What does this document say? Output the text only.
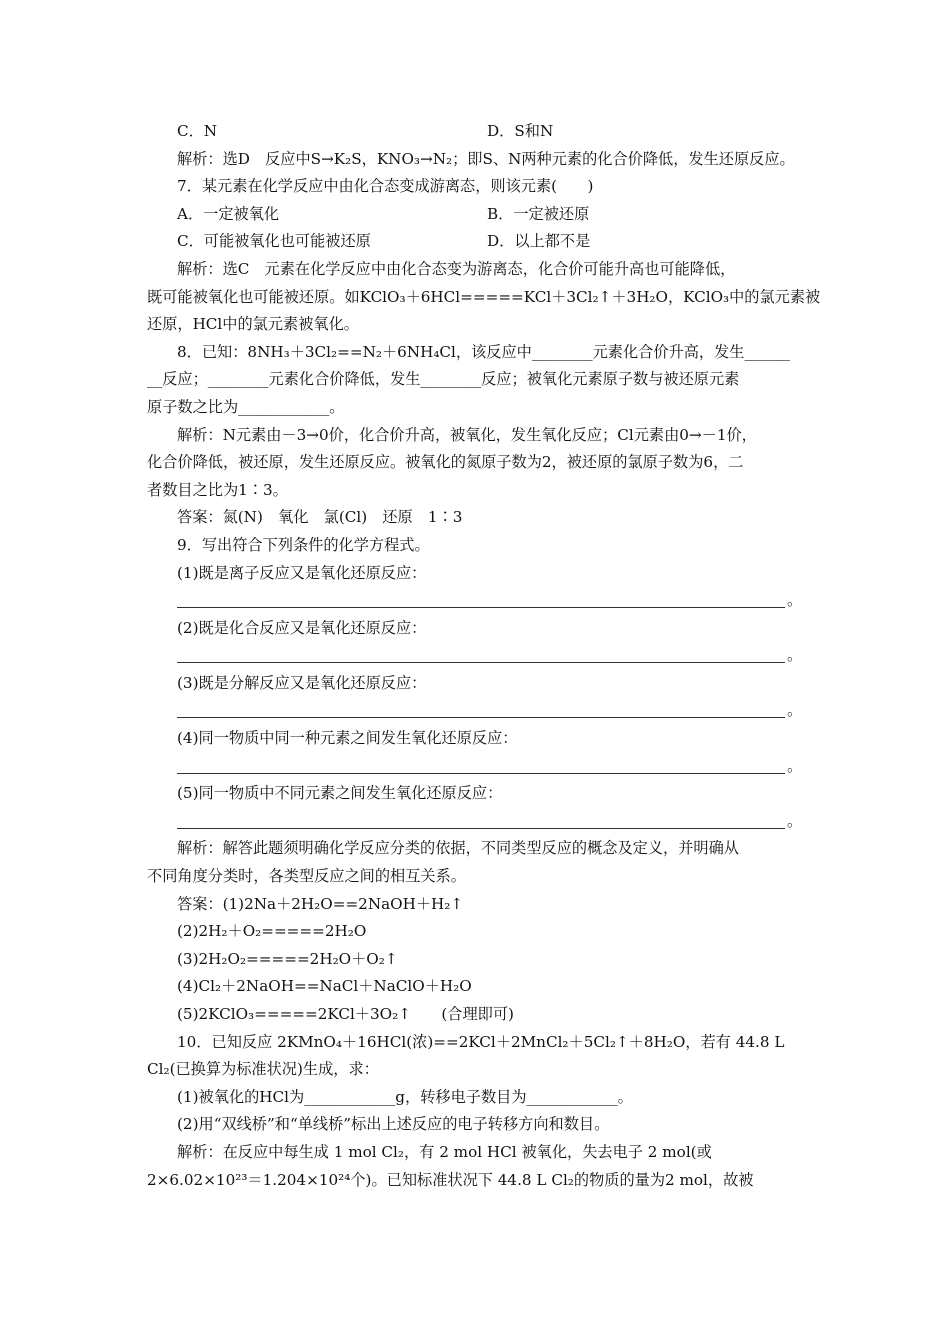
C．N	D．S和N
解析：选D　反应中S→K₂S，KNO₃→N₂；即S、N两种元素的化合价降低，发生还原反应。
7．某元素在化学反应中由化合态变成游离态，则该元素(　　)
A．一定被氧化	B．一定被还原
C．可能被氧化也可能被还原	D．以上都不是
解析：选C　元素在化学反应中由化合态变为游离态，化合价可能升高也可能降低，
既可能被氧化也可能被还原。如KClO₃＋6HCl=====KCl＋3Cl₂↑＋3H₂O，KClO₃中的氯元素被
还原，HCl中的氯元素被氧化。
8．已知：8NH₃＋3Cl₂==N₂＋6NH₄Cl，该反应中________元素化合价升高，发生______
__反应；________元素化合价降低，发生________反应；被氧化元素原子数与被还原元素
原子数之比为____________。
解析：N元素由－3→0价，化合价升高，被氧化，发生氧化反应；Cl元素由0→－1价，
化合价降低，被还原，发生还原反应。被氧化的氮原子数为2，被还原的氯原子数为6，二
者数目之比为1∶3。
答案：氮(N)　氧化　氯(Cl)　还原　1∶3
9．写出符合下列条件的化学方程式。
(1)既是离子反应又是氧化还原反应：
。
(2)既是化合反应又是氧化还原反应：
。
(3)既是分解反应又是氧化还原反应：
。
(4)同一物质中同一种元素之间发生氧化还原反应：
。
(5)同一物质中不同元素之间发生氧化还原反应：
。
解析：解答此题须明确化学反应分类的依据，不同类型反应的概念及定义，并明确从
不同角度分类时，各类型反应之间的相互关系。
答案：(1)2Na＋2H₂O==2NaOH＋H₂↑
(2)2H₂＋O₂=====2H₂O
(3)2H₂O₂=====2H₂O＋O₂↑
(4)Cl₂＋2NaOH==NaCl＋NaClO＋H₂O
(5)2KClO₃=====2KCl＋3O₂↑　　(合理即可)
10．已知反应 2KMnO₄＋16HCl(浓)==2KCl＋2MnCl₂＋5Cl₂↑＋8H₂O，若有 44.8 L
Cl₂(已换算为标准状况)生成，求：
(1)被氧化的HCl为____________g，转移电子数目为____________。
(2)用“双线桥”和“单线桥”标出上述反应的电子转移方向和数目。
解析：在反应中每生成 1 mol Cl₂，有 2 mol HCl 被氧化，失去电子 2 mol(或
2×6.02×10²³＝1.204×10²⁴个)。已知标准状况下 44.8 L Cl₂的物质的量为2 mol，故被
